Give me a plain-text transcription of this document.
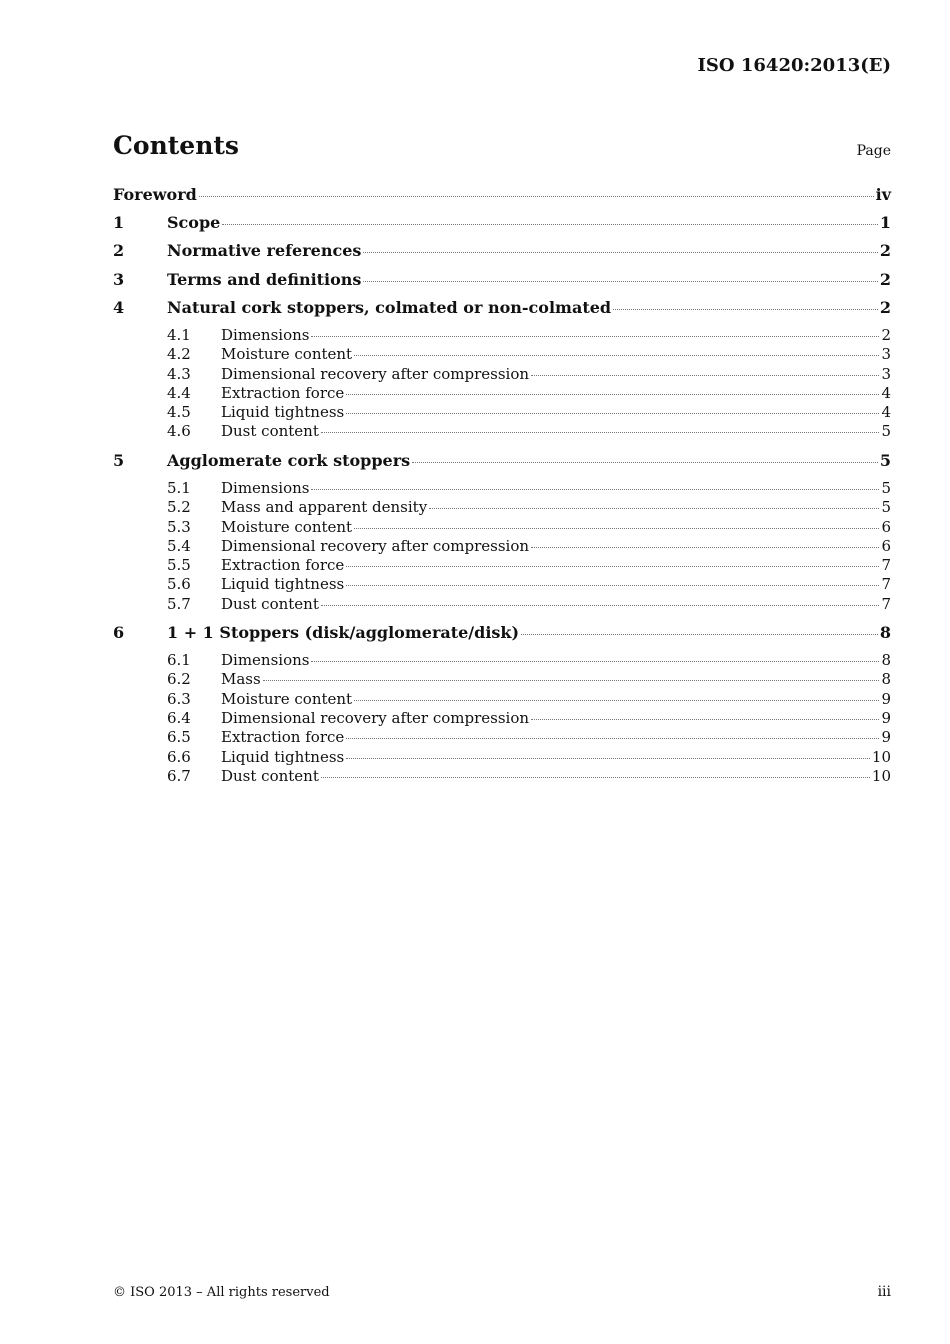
ISO 16420:2013(E)
Contents	Page
Foreword	iv
1	Scope	1
2	Normative references	2
3	Terms and definitions	2
4	Natural cork stoppers, colmated or non-colmated	2
4.1	Dimensions	2
4.2	Moisture content	3
4.3	Dimensional recovery after compression	3
4.4	Extraction force	4
4.5	Liquid tightness	4
4.6	Dust content	5
5	Agglomerate cork stoppers	5
5.1	Dimensions	5
5.2	Mass and apparent density	5
5.3	Moisture content	6
5.4	Dimensional recovery after compression	6
5.5	Extraction force	7
5.6	Liquid tightness	7
5.7	Dust content	7
6	1 + 1 Stoppers (disk/agglomerate/disk)	8
6.1	Dimensions	8
6.2	Mass	8
6.3	Moisture content	9
6.4	Dimensional recovery after compression	9
6.5	Extraction force	9
6.6	Liquid tightness	10
6.7	Dust content	10
© ISO 2013 – All rights reserved	iii
